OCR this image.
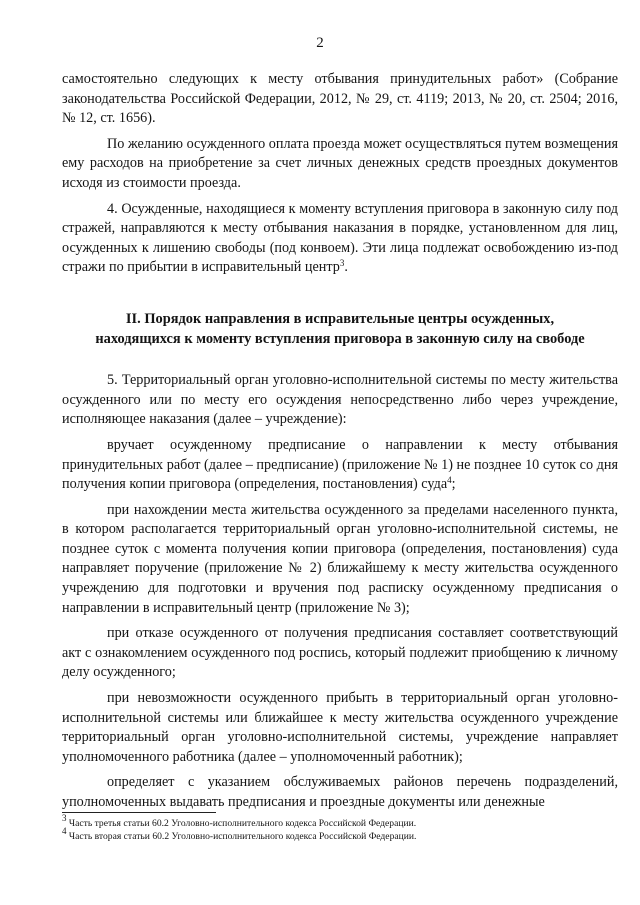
2

самостоятельно следующих к месту отбывания принудительных работ» (Собрание законодательства Российской Федерации, 2012, № 29, ст. 4119; 2013, № 20, ст. 2504; 2016, № 12, ст. 1656).

По желанию осужденного оплата проезда может осуществляться путем возмещения ему расходов на приобретение за счет личных денежных средств проездных документов исходя из стоимости проезда.

4. Осужденные, находящиеся к моменту вступления приговора в законную силу под стражей, направляются к месту отбывания наказания в порядке, установленном для лиц, осужденных к лишению свободы (под конвоем). Эти лица подлежат освобождению из-под стражи по прибытии в исправительный центр$^3$.

II. Порядок направления в исправительные центры осужденных,
находящихся к моменту вступления приговора в законную силу на свободе

5. Территориальный орган уголовно-исполнительной системы по месту жительства осужденного или по месту его осуждения непосредственно либо через учреждение, исполняющее наказания (далее – учреждение):

вручает осужденному предписание о направлении к месту отбывания принудительных работ (далее – предписание) (приложение № 1) не позднее 10 суток со дня получения копии приговора (определения, постановления) суда$^4$;

при нахождении места жительства осужденного за пределами населенного пункта, в котором располагается территориальный орган уголовно-исполнительной системы, не позднее суток с момента получения копии приговора (определения, постановления) суда направляет поручение (приложение № 2) ближайшему к месту жительства осужденного учреждению для подготовки и вручения под расписку осужденному предписания о направлении в исправительный центр (приложение № 3);

при отказе осужденного от получения предписания составляет соответствующий акт с ознакомлением осужденного под роспись, который подлежит приобщению к личному делу осужденного;

при невозможности осужденного прибыть в территориальный орган уголовно-исполнительной системы или ближайшее к месту жительства осужденного учреждение территориальный орган уголовно-исполнительной системы, учреждение направляет уполномоченного работника (далее – уполномоченный работник);

определяет с указанием обслуживаемых районов перечень подразделений, уполномоченных выдавать предписания и проездные документы или денежные

$^3$ Часть третья статьи 60.2 Уголовно-исполнительного кодекса Российской Федерации.
$^4$ Часть вторая статьи 60.2 Уголовно-исполнительного кодекса Российской Федерации.
